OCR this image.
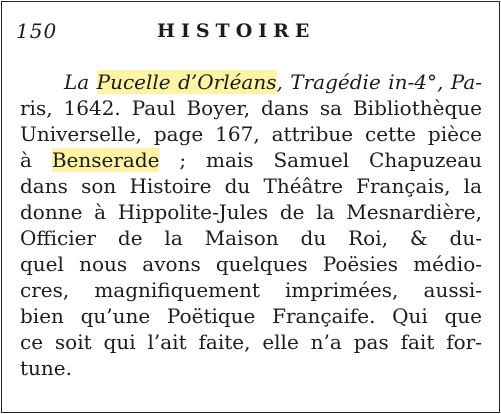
150	HISTOIRE
La Pucelle d’Orléans, Tragédie in-4°, Pa-
ris, 1642. Paul Boyer, dans sa Bibliothèque
Universelle, page 167, attribue cette pièce
à Benserade ; mais Samuel Chapuzeau
dans son Histoire du Théâtre Français, la
donne à Hippolite-Jules de la Mesnardière,
Officier de la Maison du Roi, & du-
quel nous avons quelques Poësies médio-
cres, magnifiquement imprimées, aussi-
bien qu’une Poëtique Françaife. Qui que
ce soit qui l’ait faite, elle n’a pas fait for-
tune.
